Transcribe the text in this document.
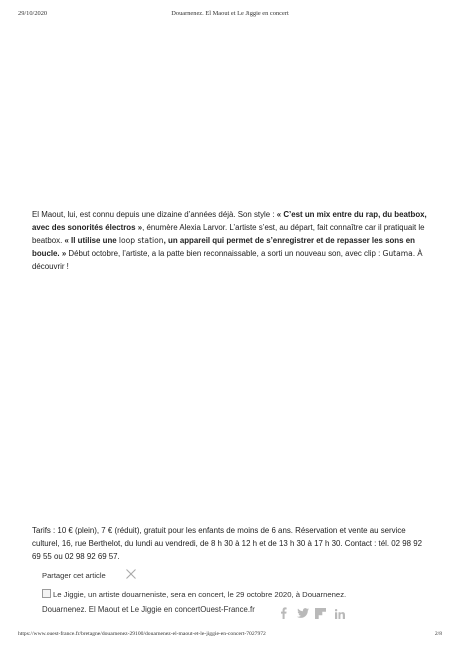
29/10/2020	Douarnenez. El Maout et Le Jiggie en concert
El Maout, lui, est connu depuis une dizaine d’années déjà. Son style : « C’est un mix entre du rap, du beatbox, avec des sonorités électros », énumère Alexia Larvor. L’artiste s’est, au départ, fait connaître car il pratiquait le beatbox. « Il utilise une loop station, un appareil qui permet de s’enregistrer et de repasser les sons en boucle. » Début octobre, l’artiste, a la patte bien reconnaissable, a sorti un nouveau son, avec clip : Gutama. À découvrir !
Tarifs : 10 € (plein), 7 € (réduit), gratuit pour les enfants de moins de 6 ans. Réservation et vente au service culturel, 16, rue Berthelot, du lundi au vendredi, de 8 h 30 à 12 h et de 13 h 30 à 17 h 30. Contact : tél. 02 98 92 69 55 ou 02 98 92 69 57.
Partager cet article
Le Jiggie, un artiste douarneniste, sera en concert, le 29 octobre 2020, à Douarnenez.
Douarnenez. El Maout et Le Jiggie en concertOuest-France.fr
https://www.ouest-france.fr/bretagne/douarnenez-29100/douarnenez-el-maout-et-le-jiggie-en-concert-7027972	2/8
